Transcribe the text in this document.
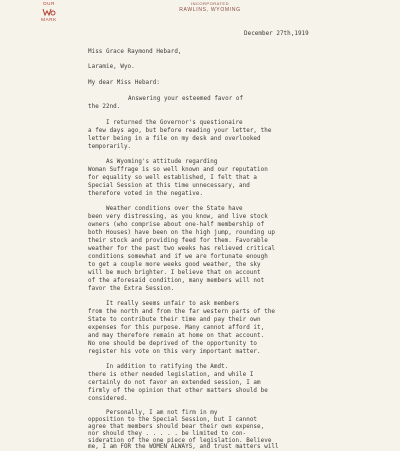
OUR
MARK
INCORPORATED
RAWLINS, WYOMING
December 27th,1919
Miss Grace Raymond Hebard,
Laramie, Wyo.
My dear Miss Hebard:
Answering your esteemed favor of
the 22nd.
I returned the Governor's questionaire
a few days ago, but before reading your letter, the
letter being in a file on my desk and overlooked
temporarily.
As Wyoming's attitude regarding
Woman Suffrage is so well known and our reputation
for equality so well established, I felt that a
Special Session at this time unnecessary, and
therefore voted in the negative.
Weather conditions over the State have
been very distressing, as you know, and live stock
owners (who comprise about one-half membership of
both Houses) have been on the high jump, rounding up
their stock and providing feed for them. Favorable
weather for the past two weeks has relieved critical
conditions somewhat and if we are fortunate enough
to get a couple more weeks good weather, the sky
will be much brighter. I believe that on account
of the aforesaid condition, many members will not
favor the Extra Session.
It really seems unfair to ask members
from the north and from the far western parts of the
State to contribute their time and pay their own
expenses for this purpose. Many cannot afford it,
and may therefore remain at home on that account.
No one should be deprived of the opportunity to
register his vote on this very important matter.
In addition to ratifying the Amdt.
there is other needed legislation, and while I
certainly do not favor an extended session, I am
firmly of the opinion that other matters should be
considered.
Personally, I am not firm in my
opposition to the Special Session, but I cannot
agree that members should bear their own expense,
nor should they . . . . . be limited to con-
sideration of the one piece of legislation. Believe
me, I am FOR the WOMEN ALWAYS, and trust matters will
